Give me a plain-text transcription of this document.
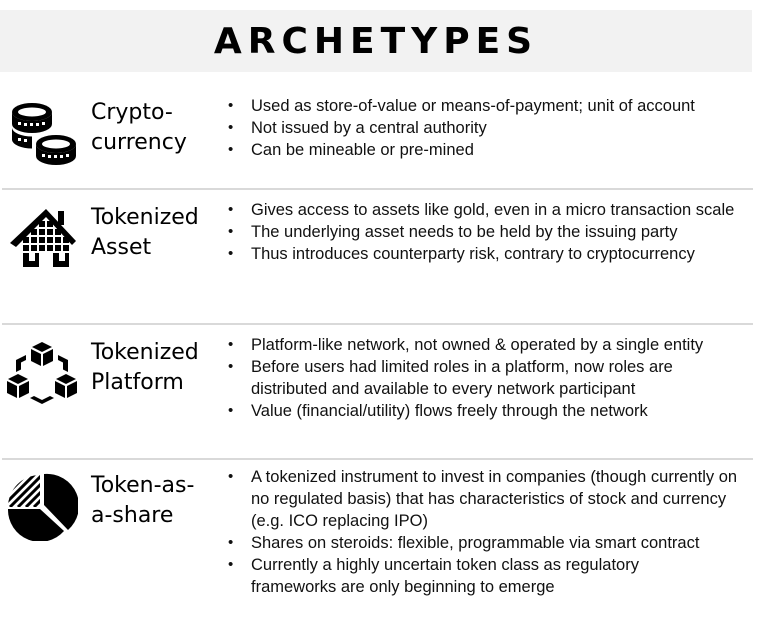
ARCHETYPES
Crypto-
currency
• Used as store-of-value or means-of-payment; unit of account
• Not issued by a central authority
• Can be mineable or pre-mined
Tokenized
Asset
• Gives access to assets like gold, even in a micro transaction scale
• The underlying asset needs to be held by the issuing party
• Thus introduces counterparty risk, contrary to cryptocurrency
Tokenized
Platform
• Platform-like network, not owned & operated by a single entity
• Before users had limited roles in a platform, now roles are distributed and available to every network participant
• Value (financial/utility) flows freely through the network
Token-as-
a-share
• A tokenized instrument to invest in companies (though currently on no regulated basis) that has characteristics of stock and currency (e.g. ICO replacing IPO)
• Shares on steroids: flexible, programmable via smart contract
• Currently a highly uncertain token class as regulatory frameworks are only beginning to emerge
